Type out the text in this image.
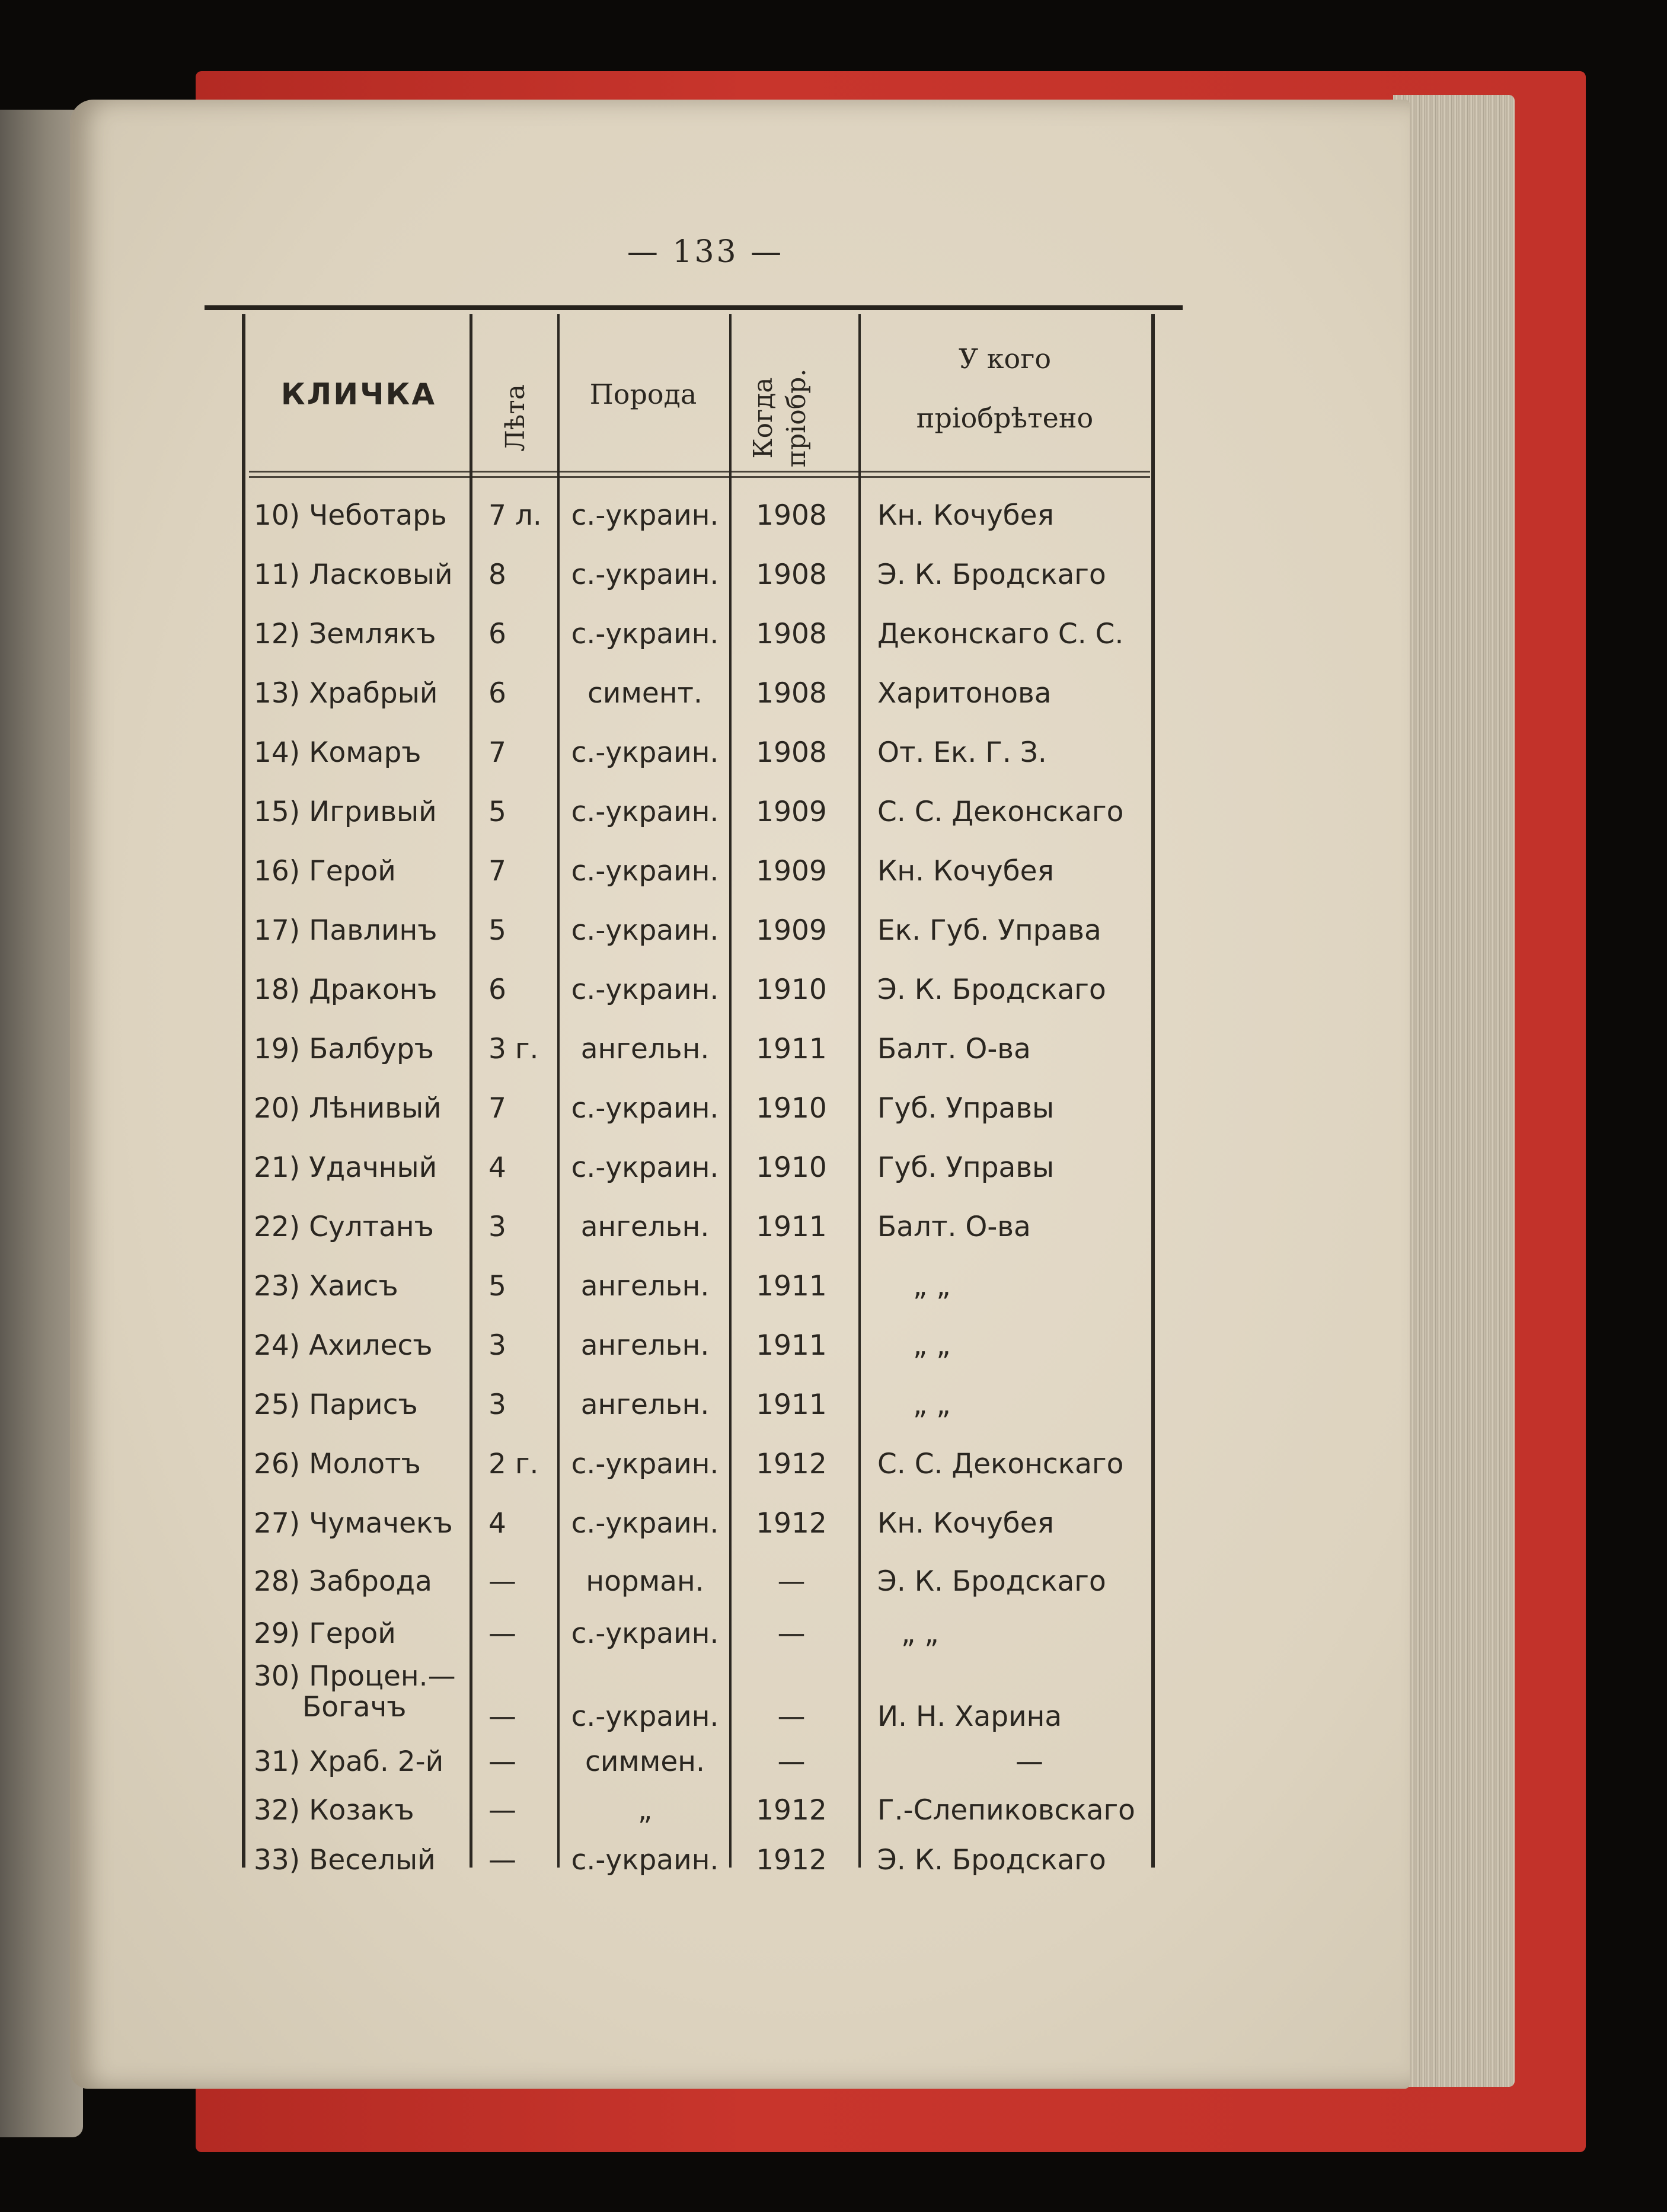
— 133 —
КЛИЧКА	Лѣта	Порода	Когда пріобр.
У кого
пріобрѣтено
10) Чеботарь	7 л.	с.-украин.	1908	Кн. Кочубея
11) Ласковый	8	с.-украин.	1908	Э. К. Бродскаго
12) Землякъ	6	с.-украин.	1908	Деконскаго С. С.
13) Храбрый	6	симент.	1908	Харитонова
14) Комаръ	7	с.-украин.	1908	От. Ек. Г. З.
15) Игривый	5	с.-украин.	1909	С. С. Деконскаго
16) Герой	7	с.-украин.	1909	Кн. Кочубея
17) Павлинъ	5	с.-украин.	1909	Ек. Губ. Управа
18) Драконъ	6	с.-украин.	1910	Э. К. Бродскаго
19) Бaлбуръ	3 г.	ангельн.	1911	Балт. О-ва
20) Лѣнивый	7	с.-украин.	1910	Губ. Управы
21) Удачный	4	с.-украин.	1910	Губ. Управы
22) Султанъ	3	ангельн.	1911	Балт. О-ва
23) Хаисъ	5	ангельн.	1911	„ „
24) Ахилесъ	3	ангельн.	1911	„ „
25) Парисъ	3	ангельн.	1911	„ „
26) Молотъ	2 г.	с.-украин.	1912	С. С. Деконскаго
27) Чумачекъ	4	с.-украин.	1912	Кн. Кочубея
28) Заброда	—	норман.	—	Э. К. Бродскаго
29) Герой	—	с.-украин.	—	„ „
30) Процен.—
Богачъ	—	с.-украин.	—	И. Н. Харина
31) Храб. 2-й	—	симмен.	—	—
32) Козакъ	—	„	1912	Г.-Слепиковскаго
33) Веселый	—	с.-украин.	1912	Э. К. Бродскаго
